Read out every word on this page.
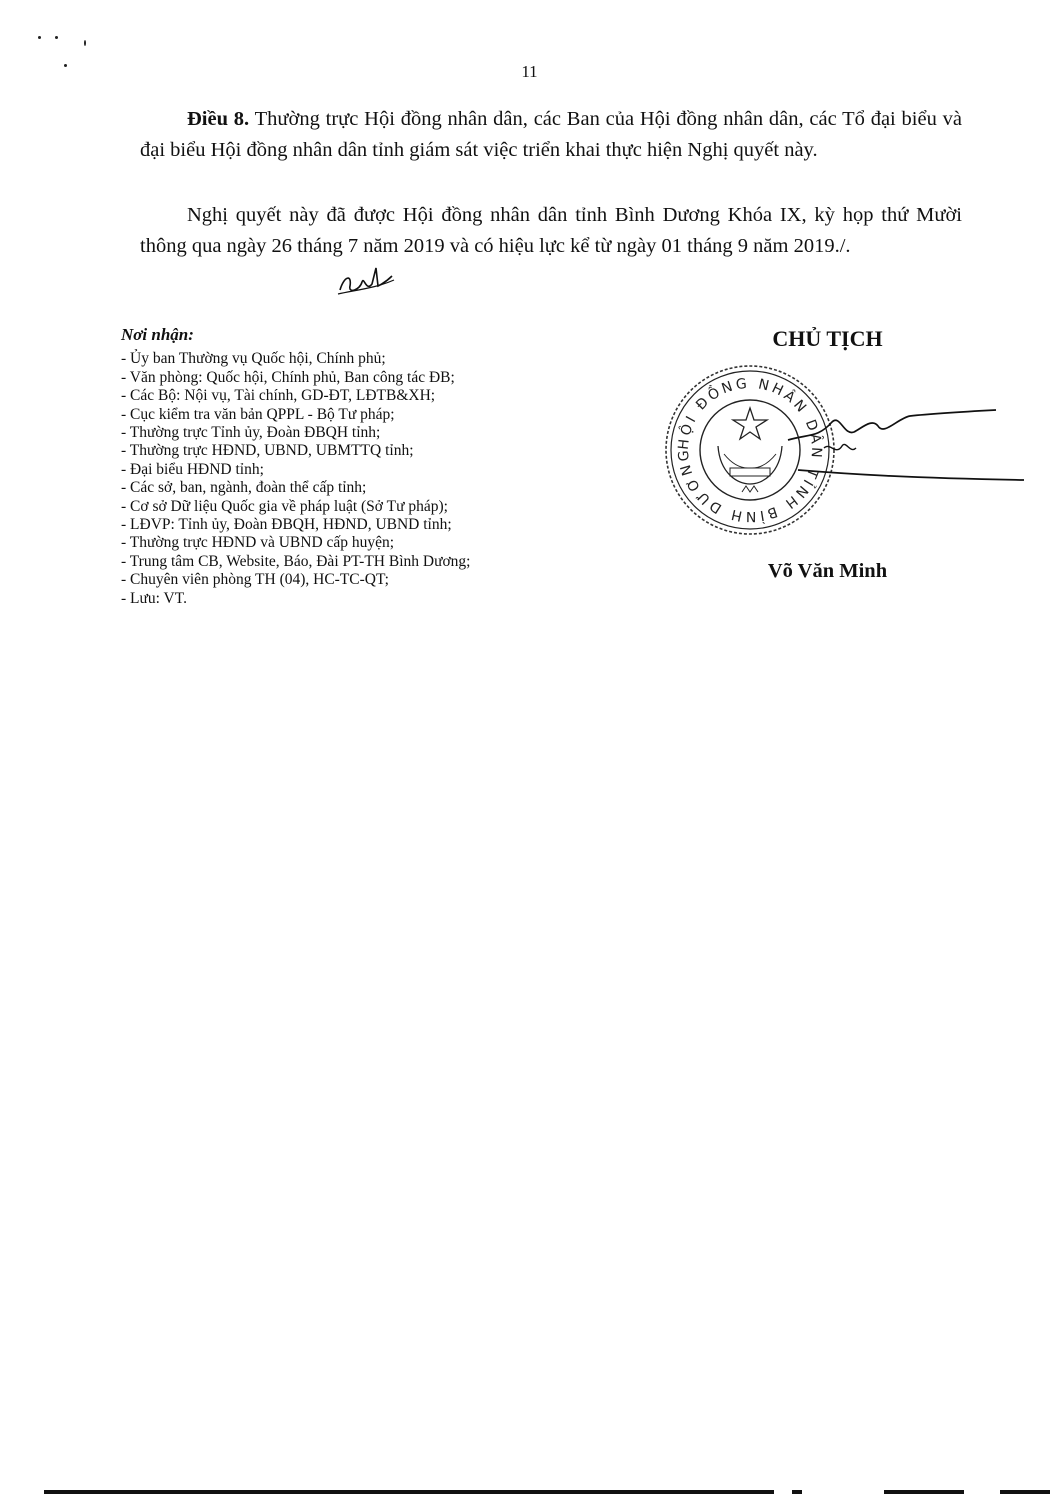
11

Điều 8. Thường trực Hội đồng nhân dân, các Ban của Hội đồng nhân dân, các Tổ đại biểu và đại biểu Hội đồng nhân dân tỉnh giám sát việc triển khai thực hiện Nghị quyết này.

Nghị quyết này đã được Hội đồng nhân dân tỉnh Bình Dương Khóa IX, kỳ họp thứ Mười thông qua ngày 26 tháng 7 năm 2019 và có hiệu lực kể từ ngày 01 tháng 9 năm 2019./.

Nơi nhận:
- Ủy ban Thường vụ Quốc hội, Chính phủ;
- Văn phòng: Quốc hội, Chính phủ, Ban công tác ĐB;
- Các Bộ: Nội vụ, Tài chính, GD-ĐT, LĐTB&XH;
- Cục kiểm tra văn bản QPPL - Bộ Tư pháp;
- Thường trực Tỉnh ủy, Đoàn ĐBQH tỉnh;
- Thường trực HĐND, UBND, UBMTTQ tỉnh;
- Đại biểu HĐND tỉnh;
- Các sở, ban, ngành, đoàn thể cấp tỉnh;
- Cơ sở Dữ liệu Quốc gia về pháp luật (Sở Tư pháp);
- LĐVP: Tỉnh ủy, Đoàn ĐBQH, HĐND, UBND tỉnh;
- Thường trực HĐND và UBND cấp huyện;
- Trung tâm CB, Website, Báo, Đài PT-TH Bình Dương;
- Chuyên viên phòng TH (04), HC-TC-QT;
- Lưu: VT.
CHỦ TỊCH
HỘI ĐỒNG NHÂN DÂN TỈNH BÌNH DƯƠNG
Võ Văn Minh
